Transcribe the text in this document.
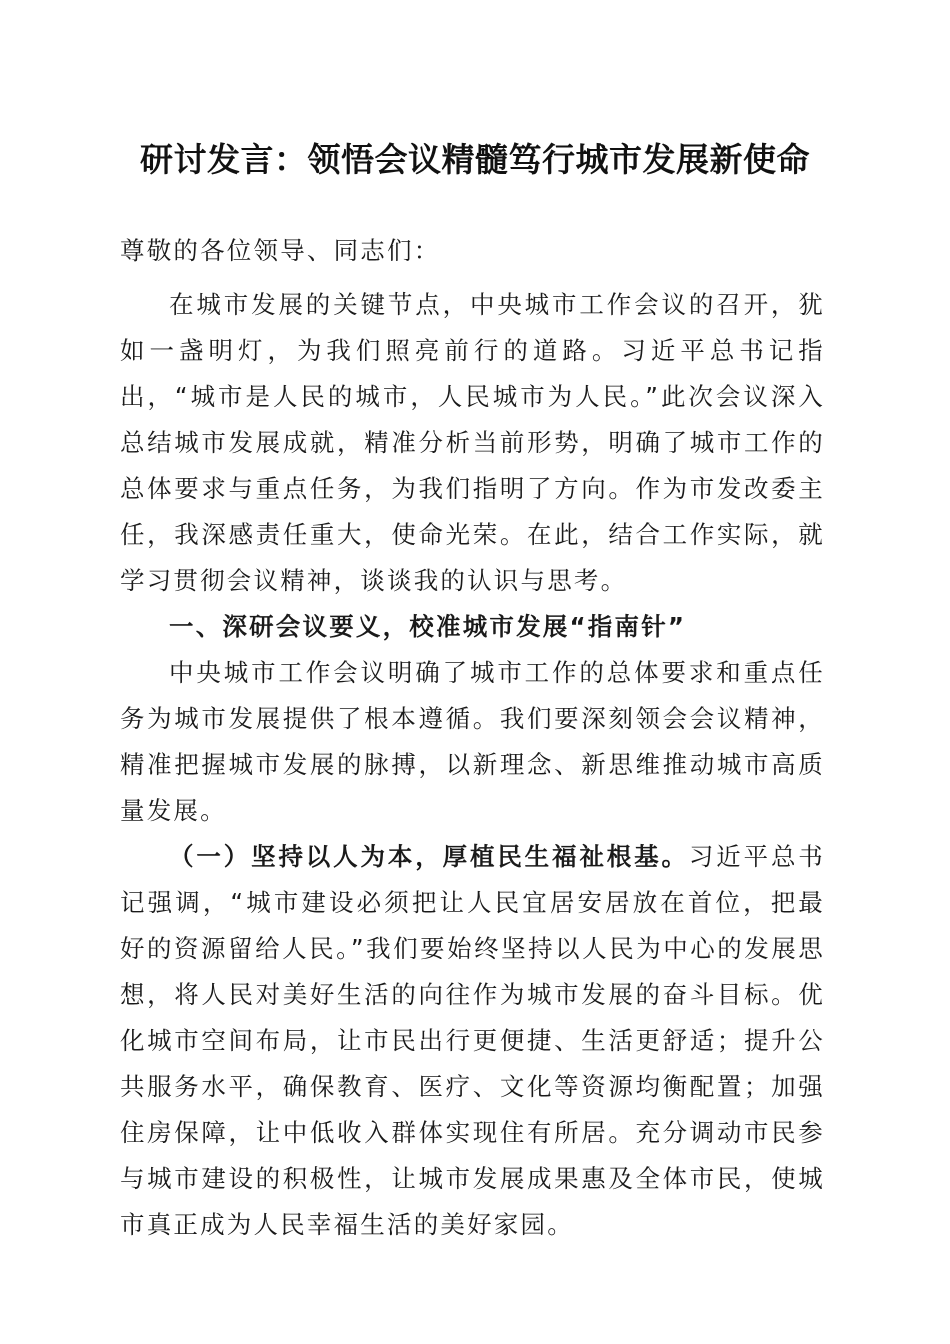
研讨发言：领悟会议精髓笃行城市发展新使命

尊敬的各位领导、同志们：

在城市发展的关键节点，中央城市工作会议的召开，犹如一盏明灯，为我们照亮前行的道路。习近平总书记指出，“城市是人民的城市，人民城市为人民。”此次会议深入总结城市发展成就，精准分析当前形势，明确了城市工作的总体要求与重点任务，为我们指明了方向。作为市发改委主任，我深感责任重大，使命光荣。在此，结合工作实际，就学习贯彻会议精神，谈谈我的认识与思考。

一、深研会议要义，校准城市发展“指南针”

中央城市工作会议明确了城市工作的总体要求和重点任务为城市发展提供了根本遵循。我们要深刻领会会议精神，精准把握城市发展的脉搏，以新理念、新思维推动城市高质量发展。

（一）坚持以人为本，厚植民生福祉根基。习近平总书记强调，“城市建设必须把让人民宜居安居放在首位，把最好的资源留给人民。”我们要始终坚持以人民为中心的发展思想，将人民对美好生活的向往作为城市发展的奋斗目标。优化城市空间布局，让市民出行更便捷、生活更舒适；提升公共服务水平，确保教育、医疗、文化等资源均衡配置；加强住房保障，让中低收入群体实现住有所居。充分调动市民参与城市建设的积极性，让城市发展成果惠及全体市民，使城市真正成为人民幸福生活的美好家园。
